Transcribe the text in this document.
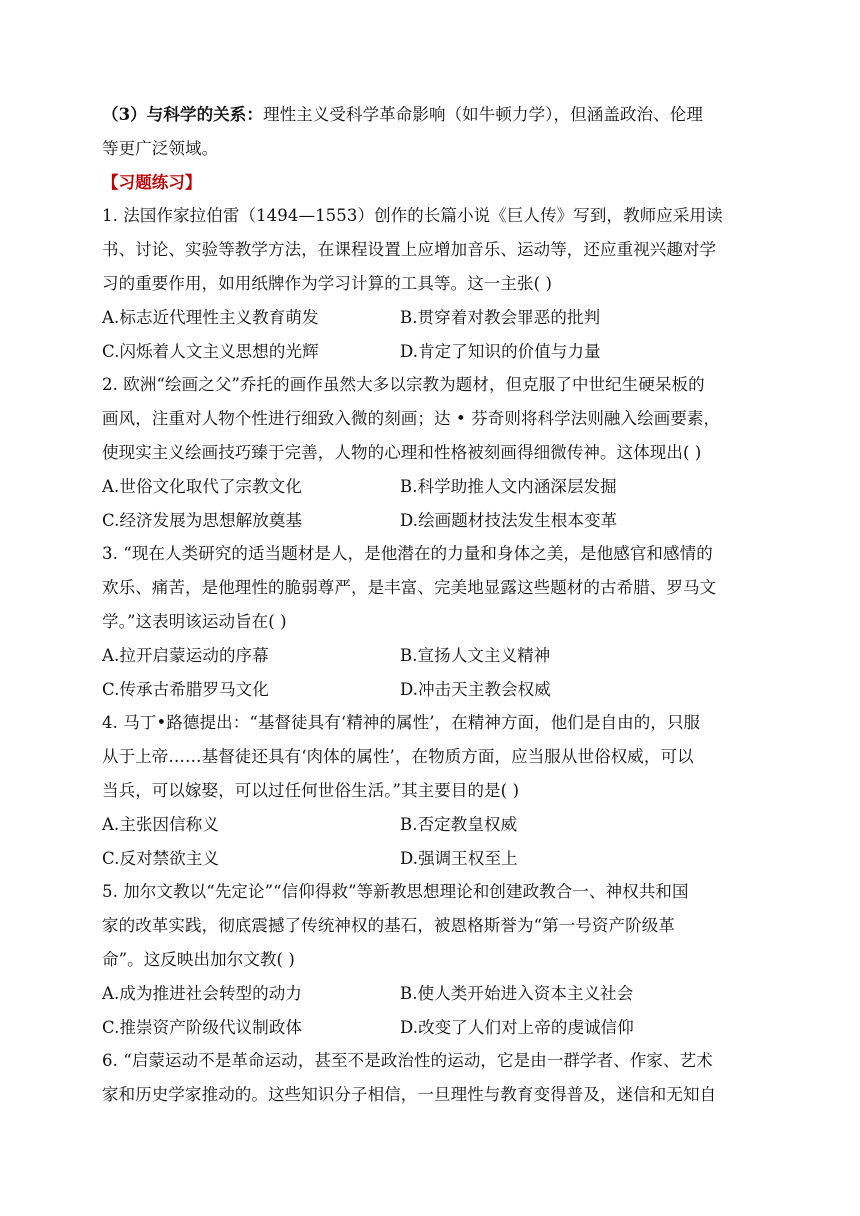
（3）与科学的关系：理性主义受科学革命影响（如牛顿力学），但涵盖政治、伦理
等更广泛领域。
【习题练习】
1. 法国作家拉伯雷（1494—1553）创作的长篇小说《巨人传》写到，教师应采用读
书、讨论、实验等教学方法，在课程设置上应增加音乐、运动等，还应重视兴趣对学
习的重要作用，如用纸牌作为学习计算的工具等。这一主张( )
A.标志近代理性主义教育萌发	B.贯穿着对教会罪恶的批判
C.闪烁着人文主义思想的光辉	D.肯定了知识的价值与力量
2. 欧洲“绘画之父”乔托的画作虽然大多以宗教为题材，但克服了中世纪生硬呆板的
画风，注重对人物个性进行细致入微的刻画；达 • 芬奇则将科学法则融入绘画要素，
使现实主义绘画技巧臻于完善，人物的心理和性格被刻画得细微传神。这体现出( )
A.世俗文化取代了宗教文化	B.科学助推人文内涵深层发掘
C.经济发展为思想解放奠基	D.绘画题材技法发生根本变革
3. “现在人类研究的适当题材是人，是他潜在的力量和身体之美，是他感官和感情的
欢乐、痛苦，是他理性的脆弱尊严，是丰富、完美地显露这些题材的古希腊、罗马文
学。”这表明该运动旨在( )
A.拉开启蒙运动的序幕	B.宣扬人文主义精神
C.传承古希腊罗马文化	D.冲击天主教会权威
4. 马丁•路德提出：“基督徒具有‘精神的属性’，在精神方面，他们是自由的，只服
从于上帝……基督徒还具有‘肉体的属性’，在物质方面，应当服从世俗权威，可以
当兵，可以嫁娶，可以过任何世俗生活。”其主要目的是( )
A.主张因信称义	B.否定教皇权威
C.反对禁欲主义	D.强调王权至上
5. 加尔文教以“先定论”“信仰得救”等新教思想理论和创建政教合一、神权共和国
家的改革实践，彻底震撼了传统神权的基石，被恩格斯誉为“第一号资产阶级革
命”。这反映出加尔文教( )
A.成为推进社会转型的动力	B.使人类开始进入资本主义社会
C.推崇资产阶级代议制政体	D.改变了人们对上帝的虔诚信仰
6. “启蒙运动不是革命运动，甚至不是政治性的运动，它是由一群学者、作家、艺术
家和历史学家推动的。这些知识分子相信，一旦理性与教育变得普及，迷信和无知自
